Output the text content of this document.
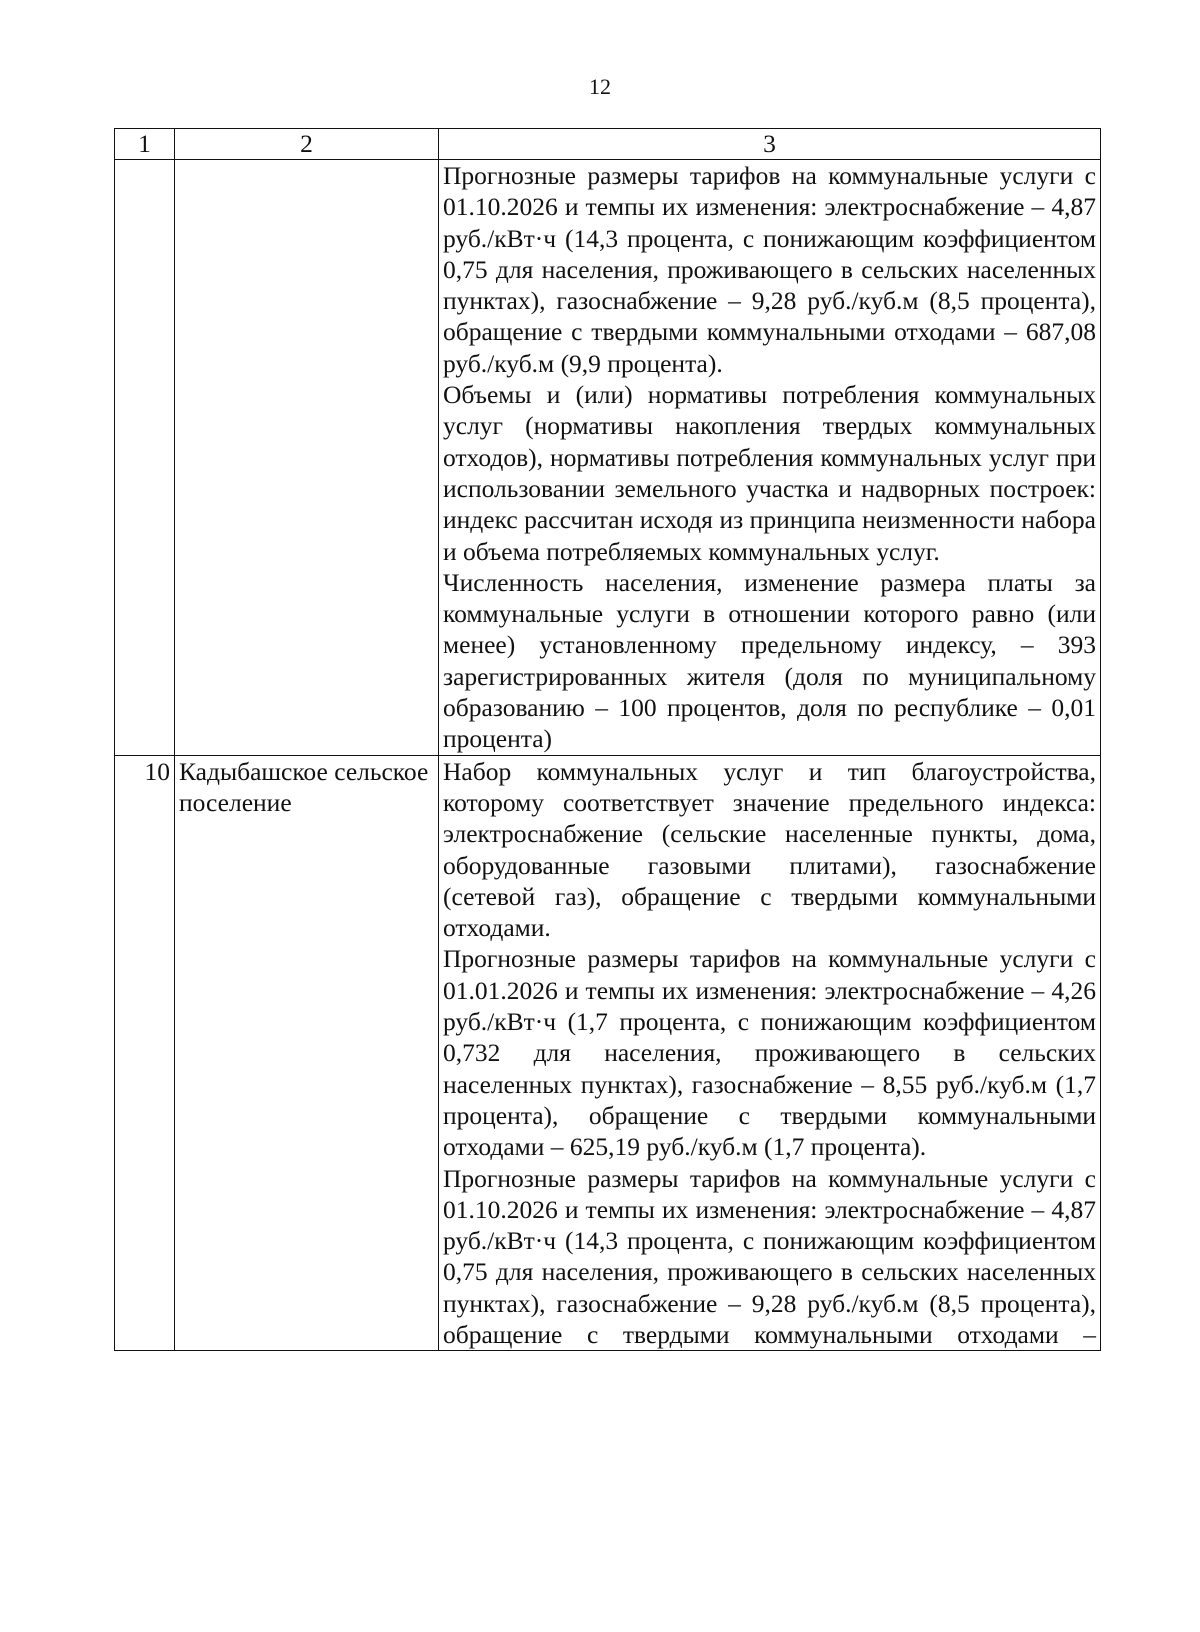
12
1	2	3

		Прогнозные размеры тарифов на коммунальные услуги с 01.10.2026 и темпы их изменения: электроснабжение – 4,87 руб./кВт·ч (14,3 процента, с понижающим коэффициентом 0,75 для населения, проживающего в сельских населенных пунктах), газоснабжение – 9,28 руб./куб.м (8,5 процента), обращение с твердыми коммунальными отходами – 687,08 руб./куб.м (9,9 процента).

Объемы и (или) нормативы потребления коммунальных услуг (нормативы накопления твердых коммунальных отходов), нормативы потребления коммунальных услуг при использовании земельного участка и надворных построек: индекс рассчитан исходя из принципа неизменности набора и объема потребляемых коммунальных услуг.

Численность населения, изменение размера платы за коммунальные услуги в отношении которого равно (или менее) установленному предельному индексу, – 393 зарегистрированных жителя (доля по муниципальному образованию – 100 процентов, доля по республике – 0,01 процента)

10	Кадыбашское сельское поселение	Набор коммунальных услуг и тип благоустройства, которому соответствует значение предельного индекса: электроснабжение (сельские населенные пункты, дома, оборудованные газовыми плитами), газоснабжение (сетевой газ), обращение с твердыми коммунальными отходами.

Прогнозные размеры тарифов на коммунальные услуги с 01.01.2026 и темпы их изменения: электроснабжение – 4,26 руб./кВт·ч (1,7 процента, с понижающим коэффициентом 0,732 для населения, проживающего в сельских населенных пунктах), газоснабжение – 8,55 руб./куб.м (1,7 процента), обращение с твердыми коммунальными отходами – 625,19 руб./куб.м (1,7 процента).

Прогнозные размеры тарифов на коммунальные услуги с 01.10.2026 и темпы их изменения: электроснабжение – 4,87 руб./кВт·ч (14,3 процента, с понижающим коэффициентом 0,75 для населения, проживающего в сельских населенных пунктах), газоснабжение – 9,28 руб./куб.м (8,5 процента), обращение с твердыми коммунальными отходами –
